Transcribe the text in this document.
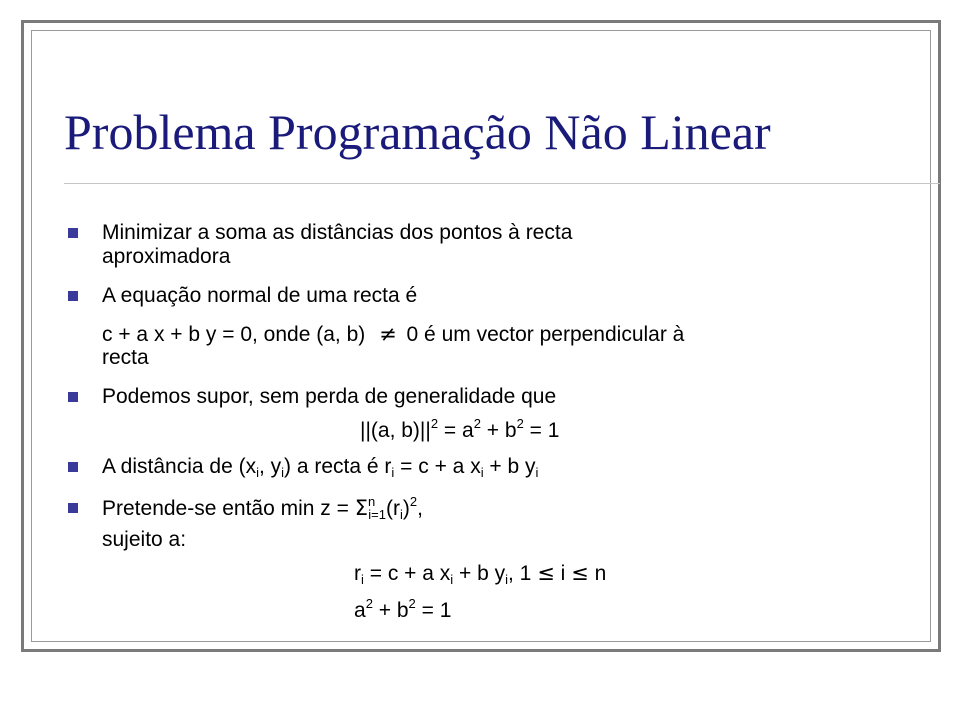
Problema Programação Não Linear
Minimizar a soma as distâncias dos pontos à recta
aproximadora
A equação normal de uma recta é
c + a x + b y = 0, onde (a, b) ≠ 0 é um vector perpendicular à
recta
Podemos supor, sem perda de generalidade que
||(a, $b)||^2 = a^2 + b^2 = 1$
A distância de ($x_i$, $y_i$) a recta é $r_i = c + a$ $x_i + b$ $y_i$
Pretende-se então $\min z = \Sigma^n_{i=1}(r_i)^2$,
sujeito a:
$r_i = c + a$ $x_i + b$ $y_i$, 1 ≤ i ≤ n
$a^2 + b^2 = 1$
